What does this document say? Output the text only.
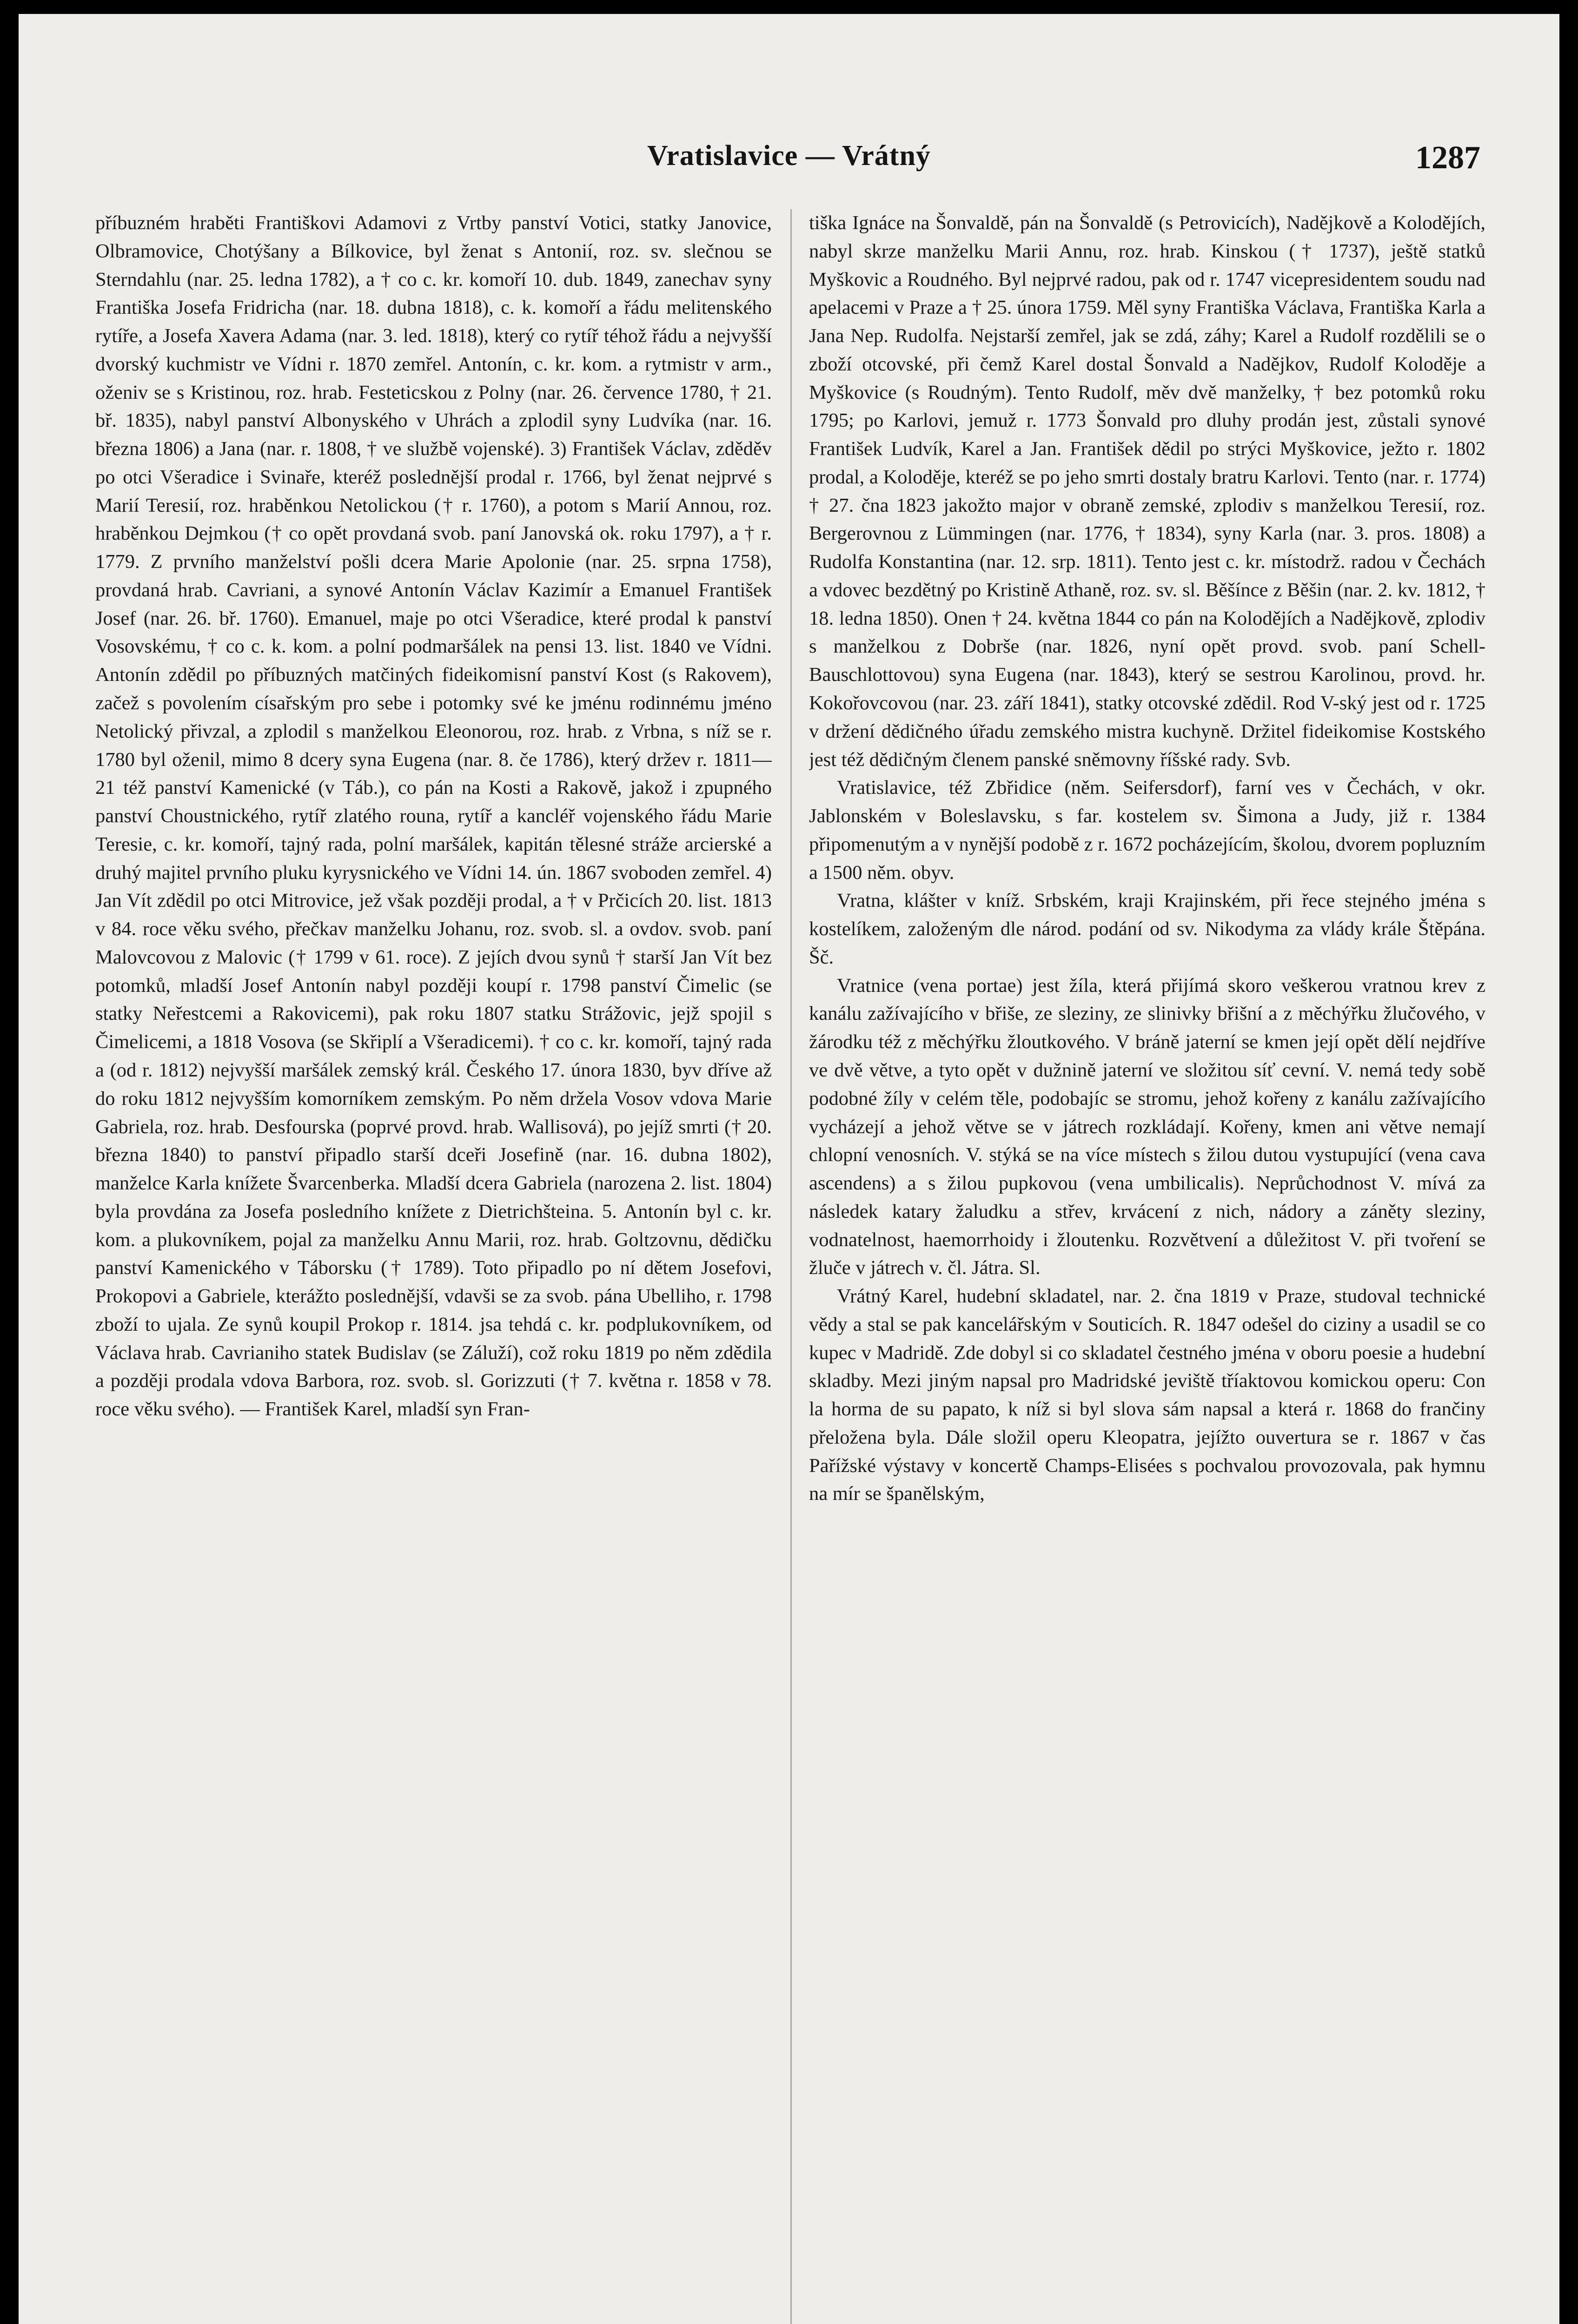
Vratislavice — Vrátný	1287

příbuzném hraběti Františkovi Adamovi z Vrtby panství Votici, statky Janovice, Olbramovice, Chotýšany a Bílkovice, byl ženat s Antonií, roz. sv. slečnou se Sterndahlu (nar. 25. ledna 1782), a † co c. kr. komoří 10. dub. 1849, zanechav syny Františka Josefa Fridricha (nar. 18. dubna 1818), c. k. komoří a řádu melitenského rytíře, a Josefa Xavera Adama (nar. 3. led. 1818), který co rytíř téhož řádu a nejvyšší dvorský kuchmistr ve Vídni r. 1870 zemřel. Antonín, c. kr. kom. a rytmistr v arm., oženiv se s Kristinou, roz. hrab. Festeticskou z Polny (nar. 26. července 1780, † 21. bř. 1835), nabyl panství Albonyského v Uhrách a zplodil syny Ludvíka (nar. 16. března 1806) a Jana (nar. r. 1808, † ve službě vojenské). 3) František Václav, zděděv po otci Všeradice i Svinaře, kteréž poslednější prodal r. 1766, byl ženat nejprvé s Marií Teresií, roz. hraběnkou Netolickou († r. 1760), a potom s Marií Annou, roz. hraběnkou Dejmkou († co opět provdaná svob. paní Janovská ok. roku 1797), a † r. 1779. Z prvního manželství pošli dcera Marie Apolonie (nar. 25. srpna 1758), provdaná hrab. Cavriani, a synové Antonín Václav Kazimír a Emanuel František Josef (nar. 26. bř. 1760). Emanuel, maje po otci Všeradice, které prodal k panství Vosovskému, † co c. k. kom. a polní podmaršálek na pensi 13. list. 1840 ve Vídni. Antonín zdědil po příbuzných matčiných fideikomisní panství Kost (s Rakovem), začež s povolením císařským pro sebe i potomky své ke jménu rodinnému jméno Netolický přivzal, a zplodil s manželkou Eleonorou, roz. hrab. z Vrbna, s níž se r. 1780 byl oženil, mimo 8 dcery syna Eugena (nar. 8. če 1786), který držev r. 1811—21 též panství Kamenické (v Táb.), co pán na Kosti a Rakově, jakož i zpupného panství Choustnického, rytíř zlatého rouna, rytíř a kancléř vojenského řádu Marie Teresie, c. kr. komoří, tajný rada, polní maršálek, kapitán tělesné stráže arcierské a druhý majitel prvního pluku kyrysnického ve Vídni 14. ún. 1867 svoboden zemřel. 4) Jan Vít zdědil po otci Mitrovice, jež však později prodal, a † v Prčicích 20. list. 1813 v 84. roce věku svého, přečkav manželku Johanu, roz. svob. sl. a ovdov. svob. paní Malovcovou z Malovic († 1799 v 61. roce). Z jejích dvou synů † starší Jan Vít bez potomků, mladší Josef Antonín nabyl později koupí r. 1798 panství Čimelic (se statky Neřestcemi a Rakovicemi), pak roku 1807 statku Strážovic, jejž spojil s Čimelicemi, a 1818 Vosova (se Skřiplí a Všeradicemi). † co c. kr. komoří, tajný rada a (od r. 1812) nejvyšší maršálek zemský král. Českého 17. února 1830, byv dříve až do roku 1812 nejvyšším komorníkem zemským. Po něm držela Vosov vdova Marie Gabriela, roz. hrab. Desfourska (poprvé provd. hrab. Wallisová), po jejíž smrti († 20. března 1840) to panství připadlo starší dceři Josefině (nar. 16. dubna 1802), manželce Karla knížete Švarcenberka. Mladší dcera Gabriela (narozena 2. list. 1804) byla provdána za Josefa posledního knížete z Dietrichšteina. 5. Antonín byl c. kr. kom. a plukovníkem, pojal za manželku Annu Marii, roz. hrab. Goltzovnu, dědičku panství Kamenického v Táborsku († 1789). Toto připadlo po ní dětem Josefovi, Prokopovi a Gabriele, kterážto poslednější, vdavši se za svob. pána Ubelliho, r. 1798 zboží to ujala. Ze synů koupil Prokop r. 1814. jsa tehdá c. kr. podplukovníkem, od Václava hrab. Cavrianiho statek Budislav (se Záluží), což roku 1819 po něm zdědila a později prodala vdova Barbora, roz. svob. sl. Gorizzuti († 7. května r. 1858 v 78. roce věku svého). — František Karel, mladší syn Fran-

tiška Ignáce na Šonvaldě, pán na Šonvaldě (s Petrovicích), Nadějkově a Kolodějích, nabyl skrze manželku Marii Annu, roz. hrab. Kinskou († 1737), ještě statků Myškovic a Roudného. Byl nejprvé radou, pak od r. 1747 vicepresidentem soudu nad apelacemi v Praze a † 25. února 1759. Měl syny Františka Václava, Františka Karla a Jana Nep. Rudolfa. Nejstarší zemřel, jak se zdá, záhy; Karel a Rudolf rozdělili se o zboží otcovské, při čemž Karel dostal Šonvald a Nadějkov, Rudolf Koloděje a Myškovice (s Roudným). Tento Rudolf, měv dvě manželky, † bez potomků roku 1795; po Karlovi, jemuž r. 1773 Šonvald pro dluhy prodán jest, zůstali synové František Ludvík, Karel a Jan. František dědil po strýci Myškovice, ježto r. 1802 prodal, a Koloděje, kteréž se po jeho smrti dostaly bratru Karlovi. Tento (nar. r. 1774) † 27. čna 1823 jakožto major v obraně zemské, zplodiv s manželkou Teresií, roz. Bergerovnou z Lümmingen (nar. 1776, † 1834), syny Karla (nar. 3. pros. 1808) a Rudolfa Konstantina (nar. 12. srp. 1811). Tento jest c. kr. místodrž. radou v Čechách a vdovec bezdětný po Kristině Athaně, roz. sv. sl. Běšínce z Běšin (nar. 2. kv. 1812, † 18. ledna 1850). Onen † 24. května 1844 co pán na Kolodějích a Nadějkově, zplodiv s manželkou z Dobrše (nar. 1826, nyní opět provd. svob. paní Schell-Bauschlottovou) syna Eugena (nar. 1843), který se sestrou Karolinou, provd. hr. Kokořovcovou (nar. 23. září 1841), statky otcovské zdědil. Rod V-ský jest od r. 1725 v držení dědičného úřadu zemského mistra kuchyně. Držitel fideikomise Kostského jest též dědičným členem panské sněmovny říšské rady. Svb.

Vratislavice, též Zbřidice (něm. Seifersdorf), farní ves v Čechách, v okr. Jablonském v Boleslavsku, s far. kostelem sv. Šimona a Judy, již r. 1384 připomenutým a v nynější podobě z r. 1672 pocházejícím, školou, dvorem popluzním a 1500 něm. obyv.

Vratna, klášter v kníž. Srbském, kraji Krajinském, při řece stejného jména s kostelíkem, založeným dle národ. podání od sv. Nikodyma za vlády krále Štěpána. Šč.

Vratnice (vena portae) jest žíla, která přijímá skoro veškerou vratnou krev z kanálu zažívajícího v břiše, ze sleziny, ze slinivky břišní a z měchýřku žlučového, v žárodku též z měchýřku žloutkového. V bráně jaterní se kmen její opět dělí nejdříve ve dvě větve, a tyto opět v dužnině jaterní ve složitou síť cevní. V. nemá tedy sobě podobné žíly v celém těle, podobajíc se stromu, jehož kořeny z kanálu zažívajícího vycházejí a jehož větve se v játrech rozkládají. Kořeny, kmen ani větve nemají chlopní venosních. V. stýká se na více místech s žilou dutou vystupující (vena cava ascendens) a s žilou pupkovou (vena umbilicalis). Neprůchodnost V. mívá za následek katary žaludku a střev, krvácení z nich, nádory a záněty sleziny, vodnatelnost, haemorrhoidy i žloutenku. Rozvětvení a důležitost V. při tvoření se žluče v játrech v. čl. Játra. Sl.

Vrátný Karel, hudební skladatel, nar. 2. čna 1819 v Praze, studoval technické vědy a stal se pak kancelářským v Souticích. R. 1847 odešel do ciziny a usadil se co kupec v Madridě. Zde dobyl si co skladatel čestného jména v oboru poesie a hudební skladby. Mezi jiným napsal pro Madridské jeviště tříaktovou komickou operu: Con la horma de su papato, k níž si byl slova sám napsal a která r. 1868 do frančiny přeložena byla. Dále složil operu Kleopatra, jejížto ouvertura se r. 1867 v čas Pařížské výstavy v koncertě Champs-Elisées s pochvalou provozovala, pak hymnu na mír se španělským,
